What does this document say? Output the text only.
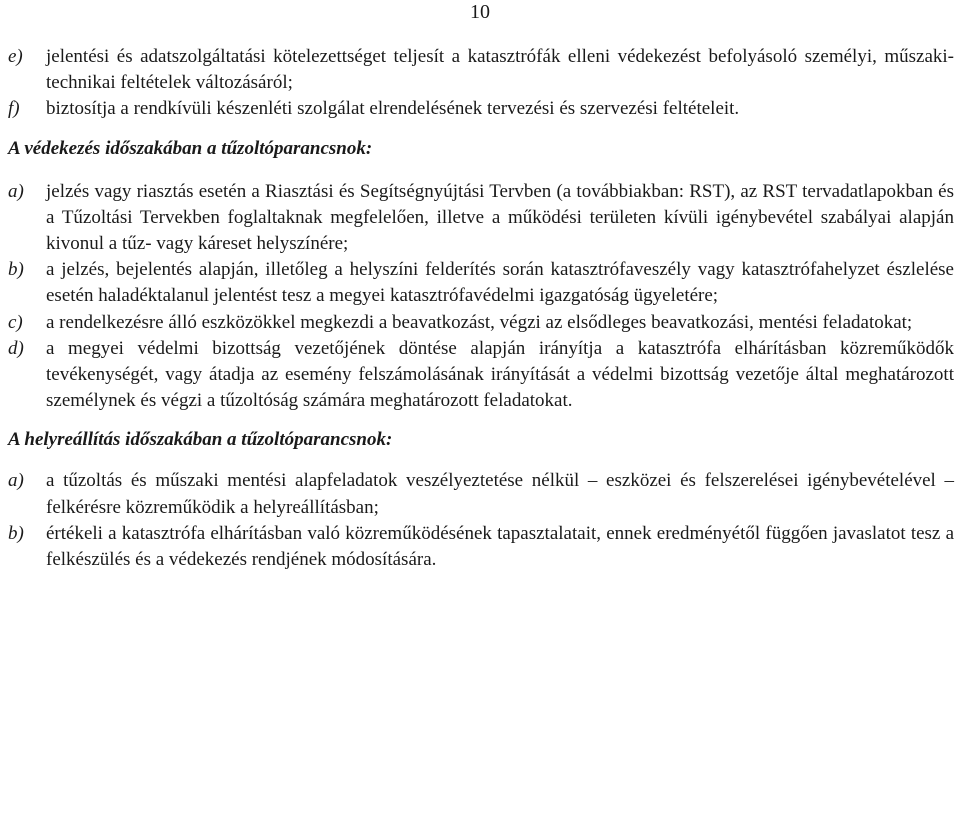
10
e) jelentési és adatszolgáltatási kötelezettséget teljesít a katasztrófák elleni védekezést befolyásoló személyi, műszaki-technikai feltételek változásáról;
f) biztosítja a rendkívüli készenléti szolgálat elrendelésének tervezési és szervezési feltételeit.
A védekezés időszakában a tűzoltóparancsnok:
a) jelzés vagy riasztás esetén a Riasztási és Segítségnyújtási Tervben (a továbbiakban: RST), az RST tervadatlapokban és a Tűzoltási Tervekben foglaltaknak megfelelően, illetve a működési területen kívüli igénybevétel szabályai alapján kivonul a tűz- vagy káreset helyszínére;
b) a jelzés, bejelentés alapján, illetőleg a helyszíni felderítés során katasztrófaveszély vagy katasztrófahelyzet észlelése esetén haladéktalanul jelentést tesz a megyei katasztrófavédelmi igazgatóság ügyeletére;
c) a rendelkezésre álló eszközökkel megkezdi a beavatkozást, végzi az elsődleges beavatkozási, mentési feladatokat;
d) a megyei védelmi bizottság vezetőjének döntése alapján irányítja a katasztrófa elhárításban közreműködők tevékenységét, vagy átadja az esemény felszámolásának irányítását a védelmi bizottság vezetője által meghatározott személynek és végzi a tűzoltóság számára meghatározott feladatokat.
A helyreállítás időszakában a tűzoltóparancsnok:
a) a tűzoltás és műszaki mentési alapfeladatok veszélyeztetése nélkül – eszközei és felszerelései igénybevételével – felkérésre közreműködik a helyreállításban;
b) értékeli a katasztrófa elhárításban való közreműködésének tapasztalatait, ennek eredményétől függően javaslatot tesz a felkészülés és a védekezés rendjének módosítására.
